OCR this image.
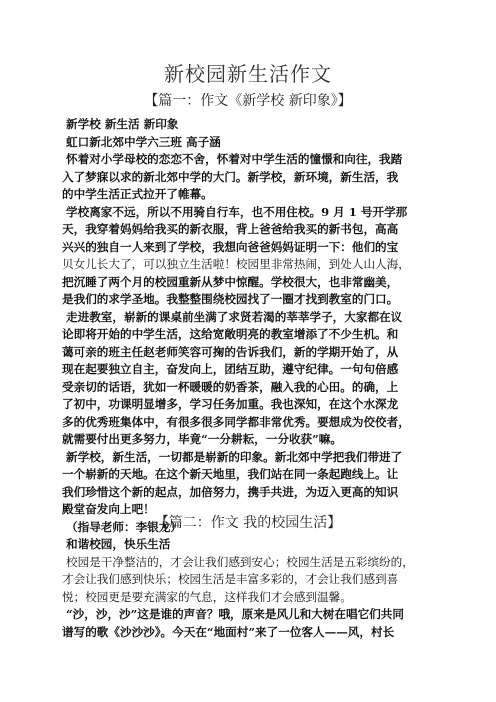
新校园新生活作文
【篇一：作文《新学校 新印象》】
新学校 新生活 新印象
虹口新北郊中学六三班 高子涵
怀着对小学母校的恋恋不舍，怀着对中学生活的憧憬和向往，我踏
入了梦寐以求的新北郊中学的大门。新学校，新环境，新生活，我
的中学生活正式拉开了帷幕。
学校离家不远，所以不用骑自行车，也不用住校。9 月 1 号开学那
天，我穿着妈妈给我买的新衣服，背上爸爸给我买的新书包，高高
兴兴的独自一人来到了学校，我想向爸爸妈妈证明一下：他们的宝
贝女儿长大了，可以独立生活啦！校园里非常热闹，到处人山人海，
把沉睡了两个月的校园重新从梦中惊醒。学校很大，也非常幽美，
是我们的求学圣地。我整整围绕校园找了一圈才找到教室的门口。
走进教室，崭新的课桌前坐满了求贤若渴的莘莘学子，大家都在议
论即将开始的中学生活，这给宽敞明亮的教室增添了不少生机。和
蔼可亲的班主任赵老师笑容可掬的告诉我们，新的学期开始了，从
现在起要独立自主，奋发向上，团结互助，遵守纪律。一句句倍感
受亲切的话语，犹如一杯暖暖的奶香茶，融入我的心田。的确，上
了初中，功课明显增多，学习任务加重。我也深知，在这个水深龙
多的优秀班集体中，有很多很多同学都非常优秀。要想成为佼佼者，
就需要付出更多努力，毕竟“一分耕耘，一分收获”嘛。
新学校，新生活，一切都是崭新的印象。新北郊中学把我们带进了
一个崭新的天地。在这个新天地里，我们站在同一条起跑线上。让
我们珍惜这个新的起点，加倍努力，携手共进，为迈入更高的知识
殿堂奋发向上吧！
（指导老师：李银龙）
【篇二：作文 我的校园生活】
和谐校园，快乐生活
校园是干净整洁的，才会让我们感到安心；校园生活是五彩缤纷的，
才会让我们感到快乐；校园生活是丰富多彩的，才会让我们感到喜
悦；校园更是要充满家的气息，这样我们才会感到温馨。
“沙，沙，沙”这是谁的声音？哦，原来是风儿和大树在唱它们共同
谱写的歌《沙沙沙》。今天在“地面村”来了一位客人——风，村长
